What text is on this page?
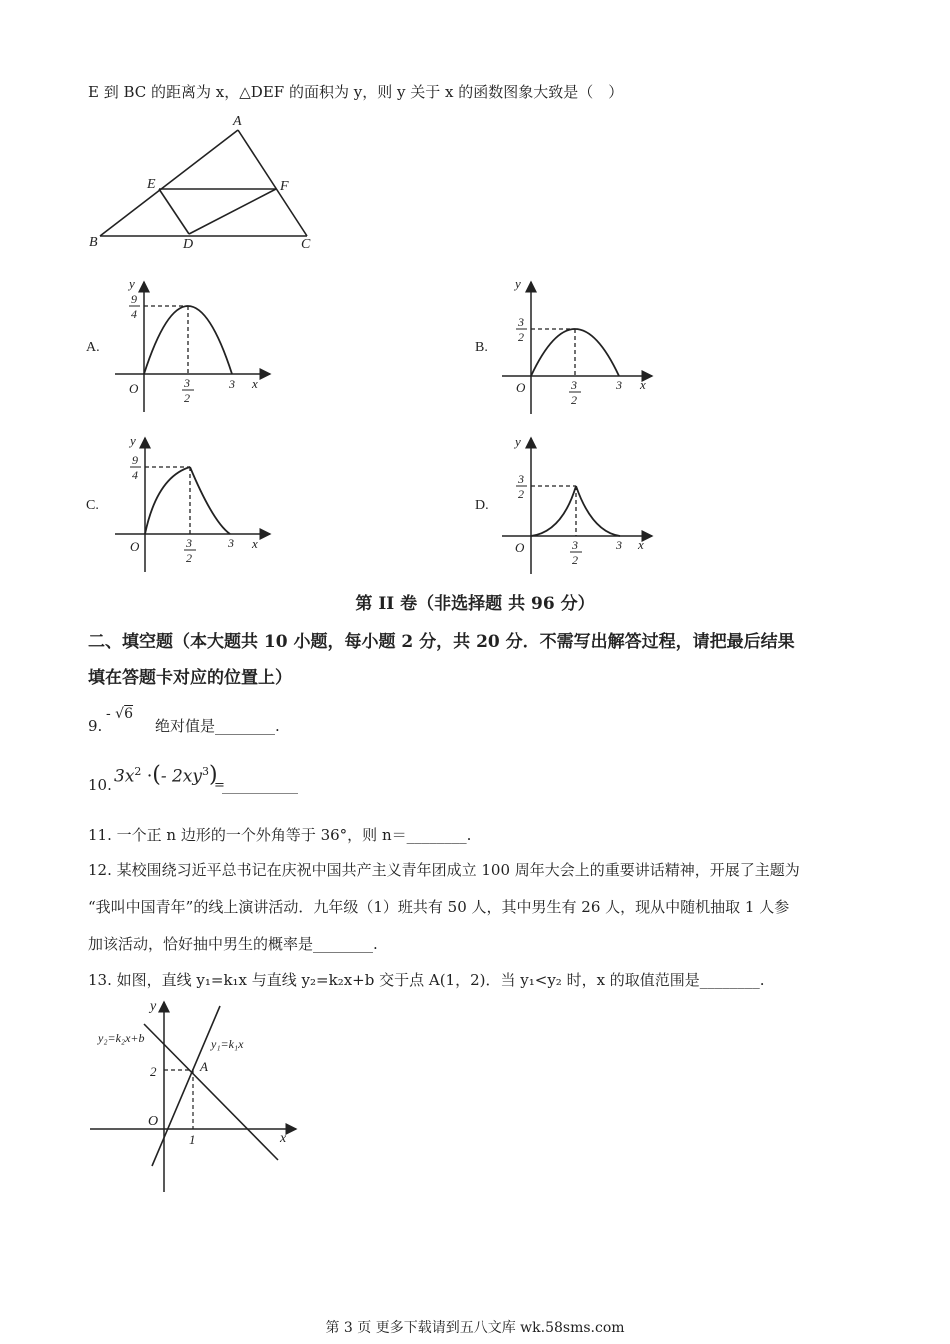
E 到 BC 的距离为 x，△DEF 的面积为 y，则 y 关于 x 的函数图象大致是（　）
A
E	F
B	D	C
A.	B.
C.	D.
y
9
4
O	3
2
3 x
y
3
2
O	3
2
3 x
y
9
4
O	3
2
3 x
y
3
2
O	3
2
3 x
第 II 卷（非选择题 共 96 分）
二、填空题（本大题共 10 小题，每小题 2 分，共 20 分．不需写出解答过程，请把最后结果
填在答题卡对应的位置上）
9.
- √6
绝对值是________.
10. $3x^2$ ·(- $2xy^3$)
=
11. 一个正 n 边形的一个外角等于 36°，则 n＝________.
12. 某校围绕习近平总书记在庆祝中国共产主义青年团成立 100 周年大会上的重要讲话精神，开展了主题为
“我叫中国青年”的线上演讲活动．九年级（1）班共有 50 人，其中男生有 26 人，现从中随机抽取 1 人参
加该活动，恰好抽中男生的概率是________.
13. 如图，直线 y₁=k₁x 与直线 y₂=k₂x+b 交于点 A(1，2)．当 y₁<y₂ 时，x 的取值范围是________.
y
x
O
y₂=k₂x+b	y₁=k₁x
A
2
1
第 3 页 更多下载请到五八文库 wk.58sms.com
